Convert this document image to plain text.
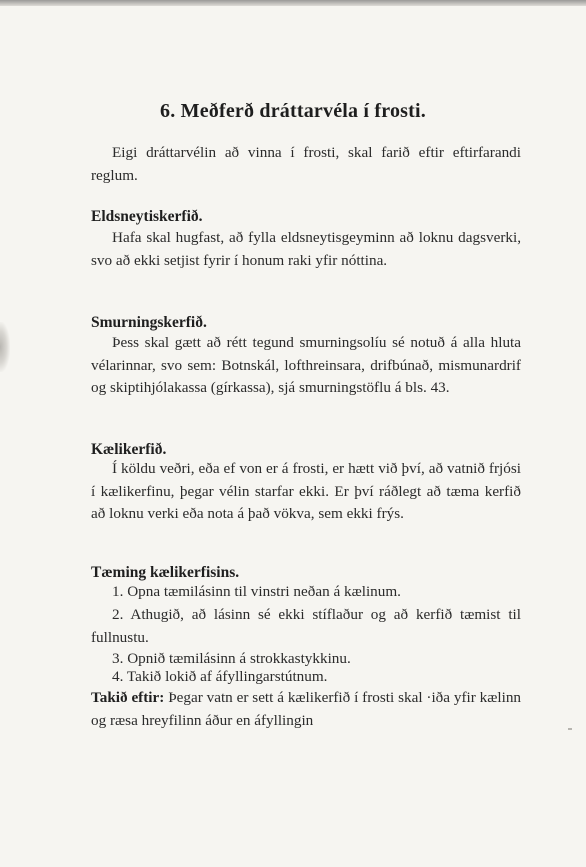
6. Meðferð dráttarvéla í frosti.

Eigi dráttarvélin að vinna í frosti, skal farið eftir eftirfarandi reglum.

Eldsneytiskerfið.

Hafa skal hugfast, að fylla eldsneytisgeyminn að loknu dagsverki, svo að ekki setjist fyrir í honum raki yfir nóttina.

Smurningskerfið.

Þess skal gætt að rétt tegund smurningsolíu sé notuð á alla hluta vélarinnar, svo sem: Botnskál, lofthreinsara, drifbúnað, mismunardrif og skiptihjólakassa (gírkassa), sjá smurningstöflu á bls. 43.

Kælikerfið.

Í köldu veðri, eða ef von er á frosti, er hætt við því, að vatnið frjósi í kælikerfinu, þegar vélin starfar ekki. Er því ráðlegt að tæma kerfið að loknu verki eða nota á það vökva, sem ekki frýs.

Tæming kælikerfisins.

1. Opna tæmilásinn til vinstri neðan á kælinum.

2. Athugið, að lásinn sé ekki stíflaður og að kerfið tæmist til fullnustu.

3. Opnið tæmilásinn á strokkastykkinu.

4. Takið lokið af áfyllingarstútnum.

Takið eftir: Þegar vatn er sett á kælikerfið í frosti skal ·iða yfir kælinn og ræsa hreyfilinn áður en áfyllingin
